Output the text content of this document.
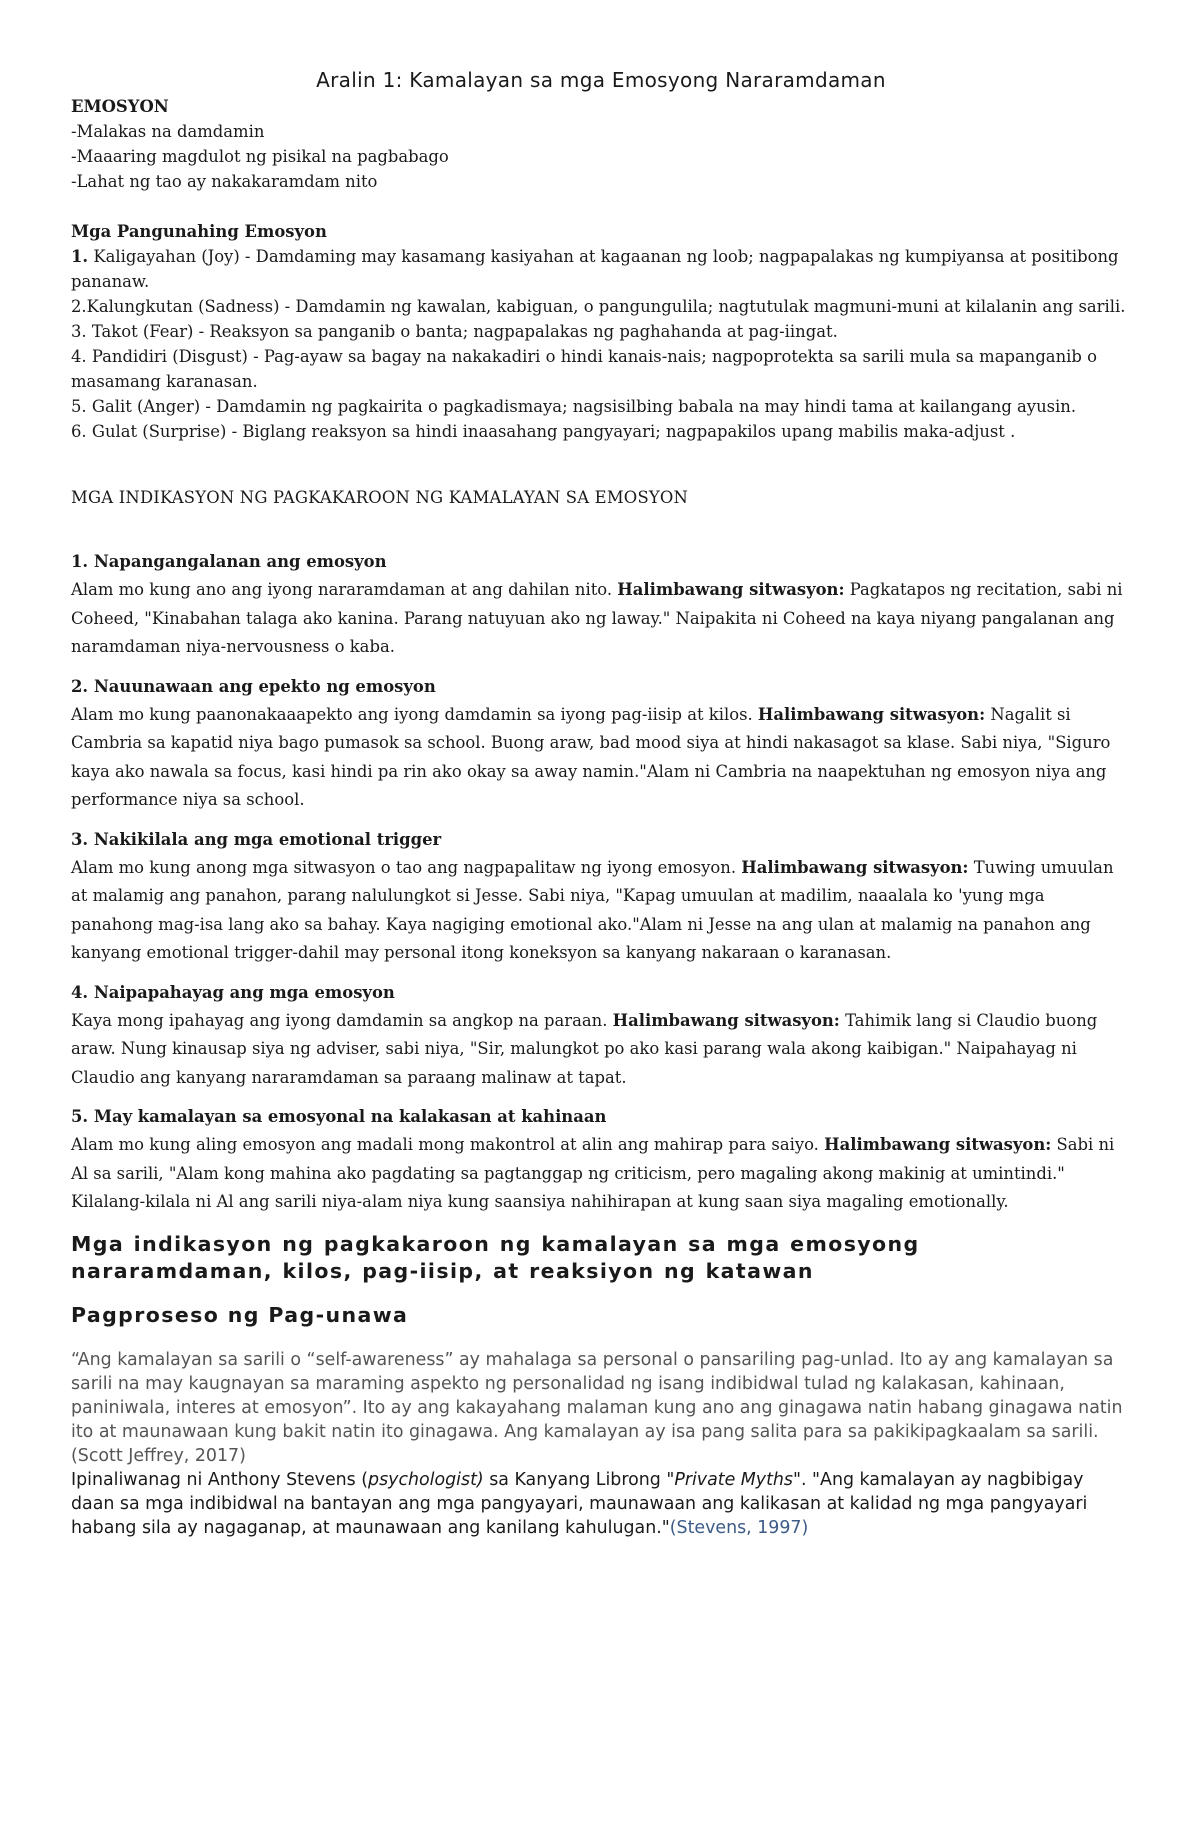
Aralin 1: Kamalayan sa mga Emosyong Nararamdaman

EMOSYON

-Malakas na damdamin

-Maaaring magdulot ng pisikal na pagbabago

-Lahat ng tao ay nakakaramdam nito

Mga Pangunahing Emosyon

1. Kaligayahan (Joy) - Damdaming may kasamang kasiyahan at kagaanan ng loob; nagpapalakas ng kumpiyansa at positibong pananaw.

2.Kalungkutan (Sadness) - Damdamin ng kawalan, kabiguan, o pangungulila; nagtutulak magmuni-muni at kilalanin ang sarili.

3. Takot (Fear) - Reaksyon sa panganib o banta; nagpapalakas ng paghahanda at pag-iingat.

4. Pandidiri (Disgust) - Pag-ayaw sa bagay na nakakadiri o hindi kanais-nais; nagpoprotekta sa sarili mula sa mapanganib o masamang karanasan.

5. Galit (Anger) - Damdamin ng pagkairita o pagkadismaya; nagsisilbing babala na may hindi tama at kailangang ayusin.

6. Gulat (Surprise) - Biglang reaksyon sa hindi inaasahang pangyayari; nagpapakilos upang mabilis maka-adjust .

MGA INDIKASYON NG PAGKAKAROON NG KAMALAYAN SA EMOSYON

1. Napangangalanan ang emosyon

Alam mo kung ano ang iyong nararamdaman at ang dahilan nito. Halimbawang sitwasyon: Pagkatapos ng recitation, sabi ni Coheed, "Kinabahan talaga ako kanina. Parang natuyuan ako ng laway." Naipakita ni Coheed na kaya niyang pangalanan ang naramdaman niya-nervousness o kaba.

2. Nauunawaan ang epekto ng emosyon

Alam mo kung paanonakaaapekto ang iyong damdamin sa iyong pag-iisip at kilos. Halimbawang sitwasyon: Nagalit si Cambria sa kapatid niya bago pumasok sa school. Buong araw, bad mood siya at hindi nakasagot sa klase. Sabi niya, "Siguro kaya ako nawala sa focus, kasi hindi pa rin ako okay sa away namin."Alam ni Cambria na naapektuhan ng emosyon niya ang performance niya sa school.

3. Nakikilala ang mga emotional trigger

Alam mo kung anong mga sitwasyon o tao ang nagpapalitaw ng iyong emosyon. Halimbawang sitwasyon: Tuwing umuulan at malamig ang panahon, parang nalulungkot si Jesse. Sabi niya, "Kapag umuulan at madilim, naaalala ko 'yung mga panahong mag-isa lang ako sa bahay. Kaya nagiging emotional ako."Alam ni Jesse na ang ulan at malamig na panahon ang kanyang emotional trigger-dahil may personal itong koneksyon sa kanyang nakaraan o karanasan.

4. Naipapahayag ang mga emosyon

Kaya mong ipahayag ang iyong damdamin sa angkop na paraan. Halimbawang sitwasyon: Tahimik lang si Claudio buong araw. Nung kinausap siya ng adviser, sabi niya, "Sir, malungkot po ako kasi parang wala akong kaibigan." Naipahayag ni Claudio ang kanyang nararamdaman sa paraang malinaw at tapat.

5. May kamalayan sa emosyonal na kalakasan at kahinaan

Alam mo kung aling emosyon ang madali mong makontrol at alin ang mahirap para saiyo. Halimbawang sitwasyon: Sabi ni Al sa sarili, "Alam kong mahina ako pagdating sa pagtanggap ng criticism, pero magaling akong makinig at umintindi." Kilalang-kilala ni Al ang sarili niya-alam niya kung saansiya nahihirapan at kung saan siya magaling emotionally.

Mga indikasyon ng pagkakaroon ng kamalayan sa mga emosyong nararamdaman, kilos, pag-iisip, at reaksiyon ng katawan
Pagproseso ng Pag-unawa

“Ang kamalayan sa sarili o “self-awareness” ay mahalaga sa personal o pansariling pag-unlad. Ito ay ang kamalayan sa sarili na may kaugnayan sa maraming aspekto ng personalidad ng isang indibidwal tulad ng kalakasan, kahinaan, paniniwala, interes at emosyon”. Ito ay ang kakayahang malaman kung ano ang ginagawa natin habang ginagawa natin ito at maunawaan kung bakit natin ito ginagawa. Ang kamalayan ay isa pang salita para sa pakikipagkaalam sa sarili. (Scott Jeffrey, 2017)

Ipinaliwanag ni Anthony Stevens (psychologist) sa Kanyang Librong "Private Myths". "Ang kamalayan ay nagbibigay daan sa mga indibidwal na bantayan ang mga pangyayari, maunawaan ang kalikasan at kalidad ng mga pangyayari habang sila ay nagaganap, at maunawaan ang kanilang kahulugan."(Stevens, 1997)
